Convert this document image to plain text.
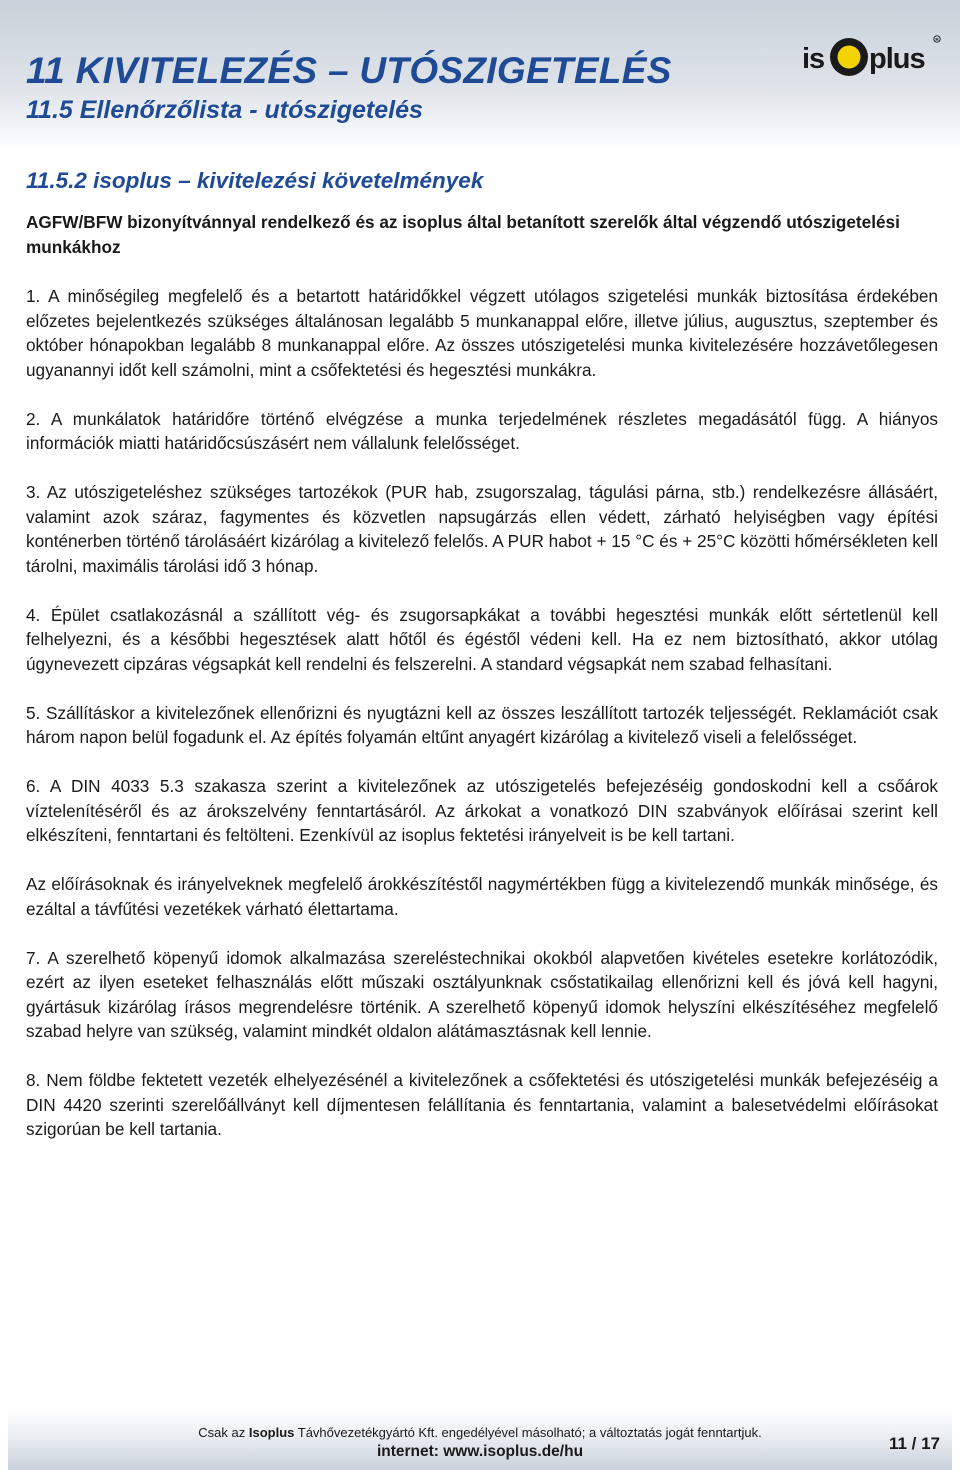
11 KIVITELEZÉS – UTÓSZIGETELÉS
11.5 Ellenőrzőlista - utószigetelés
is plus
R
11.5.2 isoplus – kivitelezési követelmények

AGFW/BFW bizonyítvánnyal rendelkező és az isoplus által betanított szerelők által végzendő utószigetelési munkákhoz

1. A minőségileg megfelelő és a betartott határidőkkel végzett utólagos szigetelési munkák biztosítása érdekében előzetes bejelentkezés szükséges általánosan legalább 5 munkanappal előre, illetve július, augusztus, szeptember és október hónapokban legalább 8 munkanappal előre. Az összes utószigetelési munka kivitelezésére hozzávetőlegesen ugyanannyi időt kell számolni, mint a csőfektetési és hegesztési munkákra.

2. A munkálatok határidőre történő elvégzése a munka terjedelmének részletes megadásától függ. A hiányos információk miatti határidőcsúszásért nem vállalunk felelősséget.

3. Az utószigeteléshez szükséges tartozékok (PUR hab, zsugorszalag, tágulási párna, stb.) rendelkezésre állásáért, valamint azok száraz, fagymentes és közvetlen napsugárzás ellen védett, zárható helyiségben vagy építési konténerben történő tárolásáért kizárólag a kivitelező felelős. A PUR habot + 15 °C és + 25°C közötti hőmérsékleten kell tárolni, maximális tárolási idő 3 hónap.

4. Épület csatlakozásnál a szállított vég- és zsugorsapkákat a további hegesztési munkák előtt sértetlenül kell felhelyezni, és a későbbi hegesztések alatt hőtől és égéstől védeni kell. Ha ez nem biztosítható, akkor utólag úgynevezett cipzáras végsapkát kell rendelni és felszerelni. A standard végsapkát nem szabad felhasítani.

5. Szállításkor a kivitelezőnek ellenőrizni és nyugtázni kell az összes leszállított tartozék teljességét. Reklamációt csak három napon belül fogadunk el. Az építés folyamán eltűnt anyagért kizárólag a kivitelező viseli a felelősséget.

6. A DIN 4033 5.3 szakasza szerint a kivitelezőnek az utószigetelés befejezéséig gondoskodni kell a csőárok víztelenítéséről és az árokszelvény fenntartásáról. Az árkokat a vonatkozó DIN szabványok előírásai szerint kell elkészíteni, fenntartani és feltölteni. Ezenkívül az isoplus fektetési irányelveit is be kell tartani.

Az előírásoknak és irányelveknek megfelelő árokkészítéstől nagymértékben függ a kivitelezendő munkák minősége, és ezáltal a távfűtési vezetékek várható élettartama.

7. A szerelhető köpenyű idomok alkalmazása szereléstechnikai okokból alapvetően kivételes esetekre korlátozódik, ezért az ilyen eseteket felhasználás előtt műszaki osztályunknak csőstatikailag ellenőrizni kell és jóvá kell hagyni, gyártásuk kizárólag írásos megrendelésre történik. A szerelhető köpenyű idomok helyszíni elkészítéséhez megfelelő szabad helyre van szükség, valamint mindkét oldalon alátámasztásnak kell lennie.

8. Nem földbe fektetett vezeték elhelyezésénél a kivitelezőnek a csőfektetési és utószigetelési munkák befejezéséig a DIN 4420 szerinti szerelőállványt kell díjmentesen felállítania és fenntartania, valamint a balesetvédelmi előírásokat szigorúan be kell tartania.

Csak az Isoplus Távhővezetékgyártó Kft. engedélyével másolható; a változtatás jogát fenntartjuk.
internet: www.isoplus.de/hu	11 / 17
